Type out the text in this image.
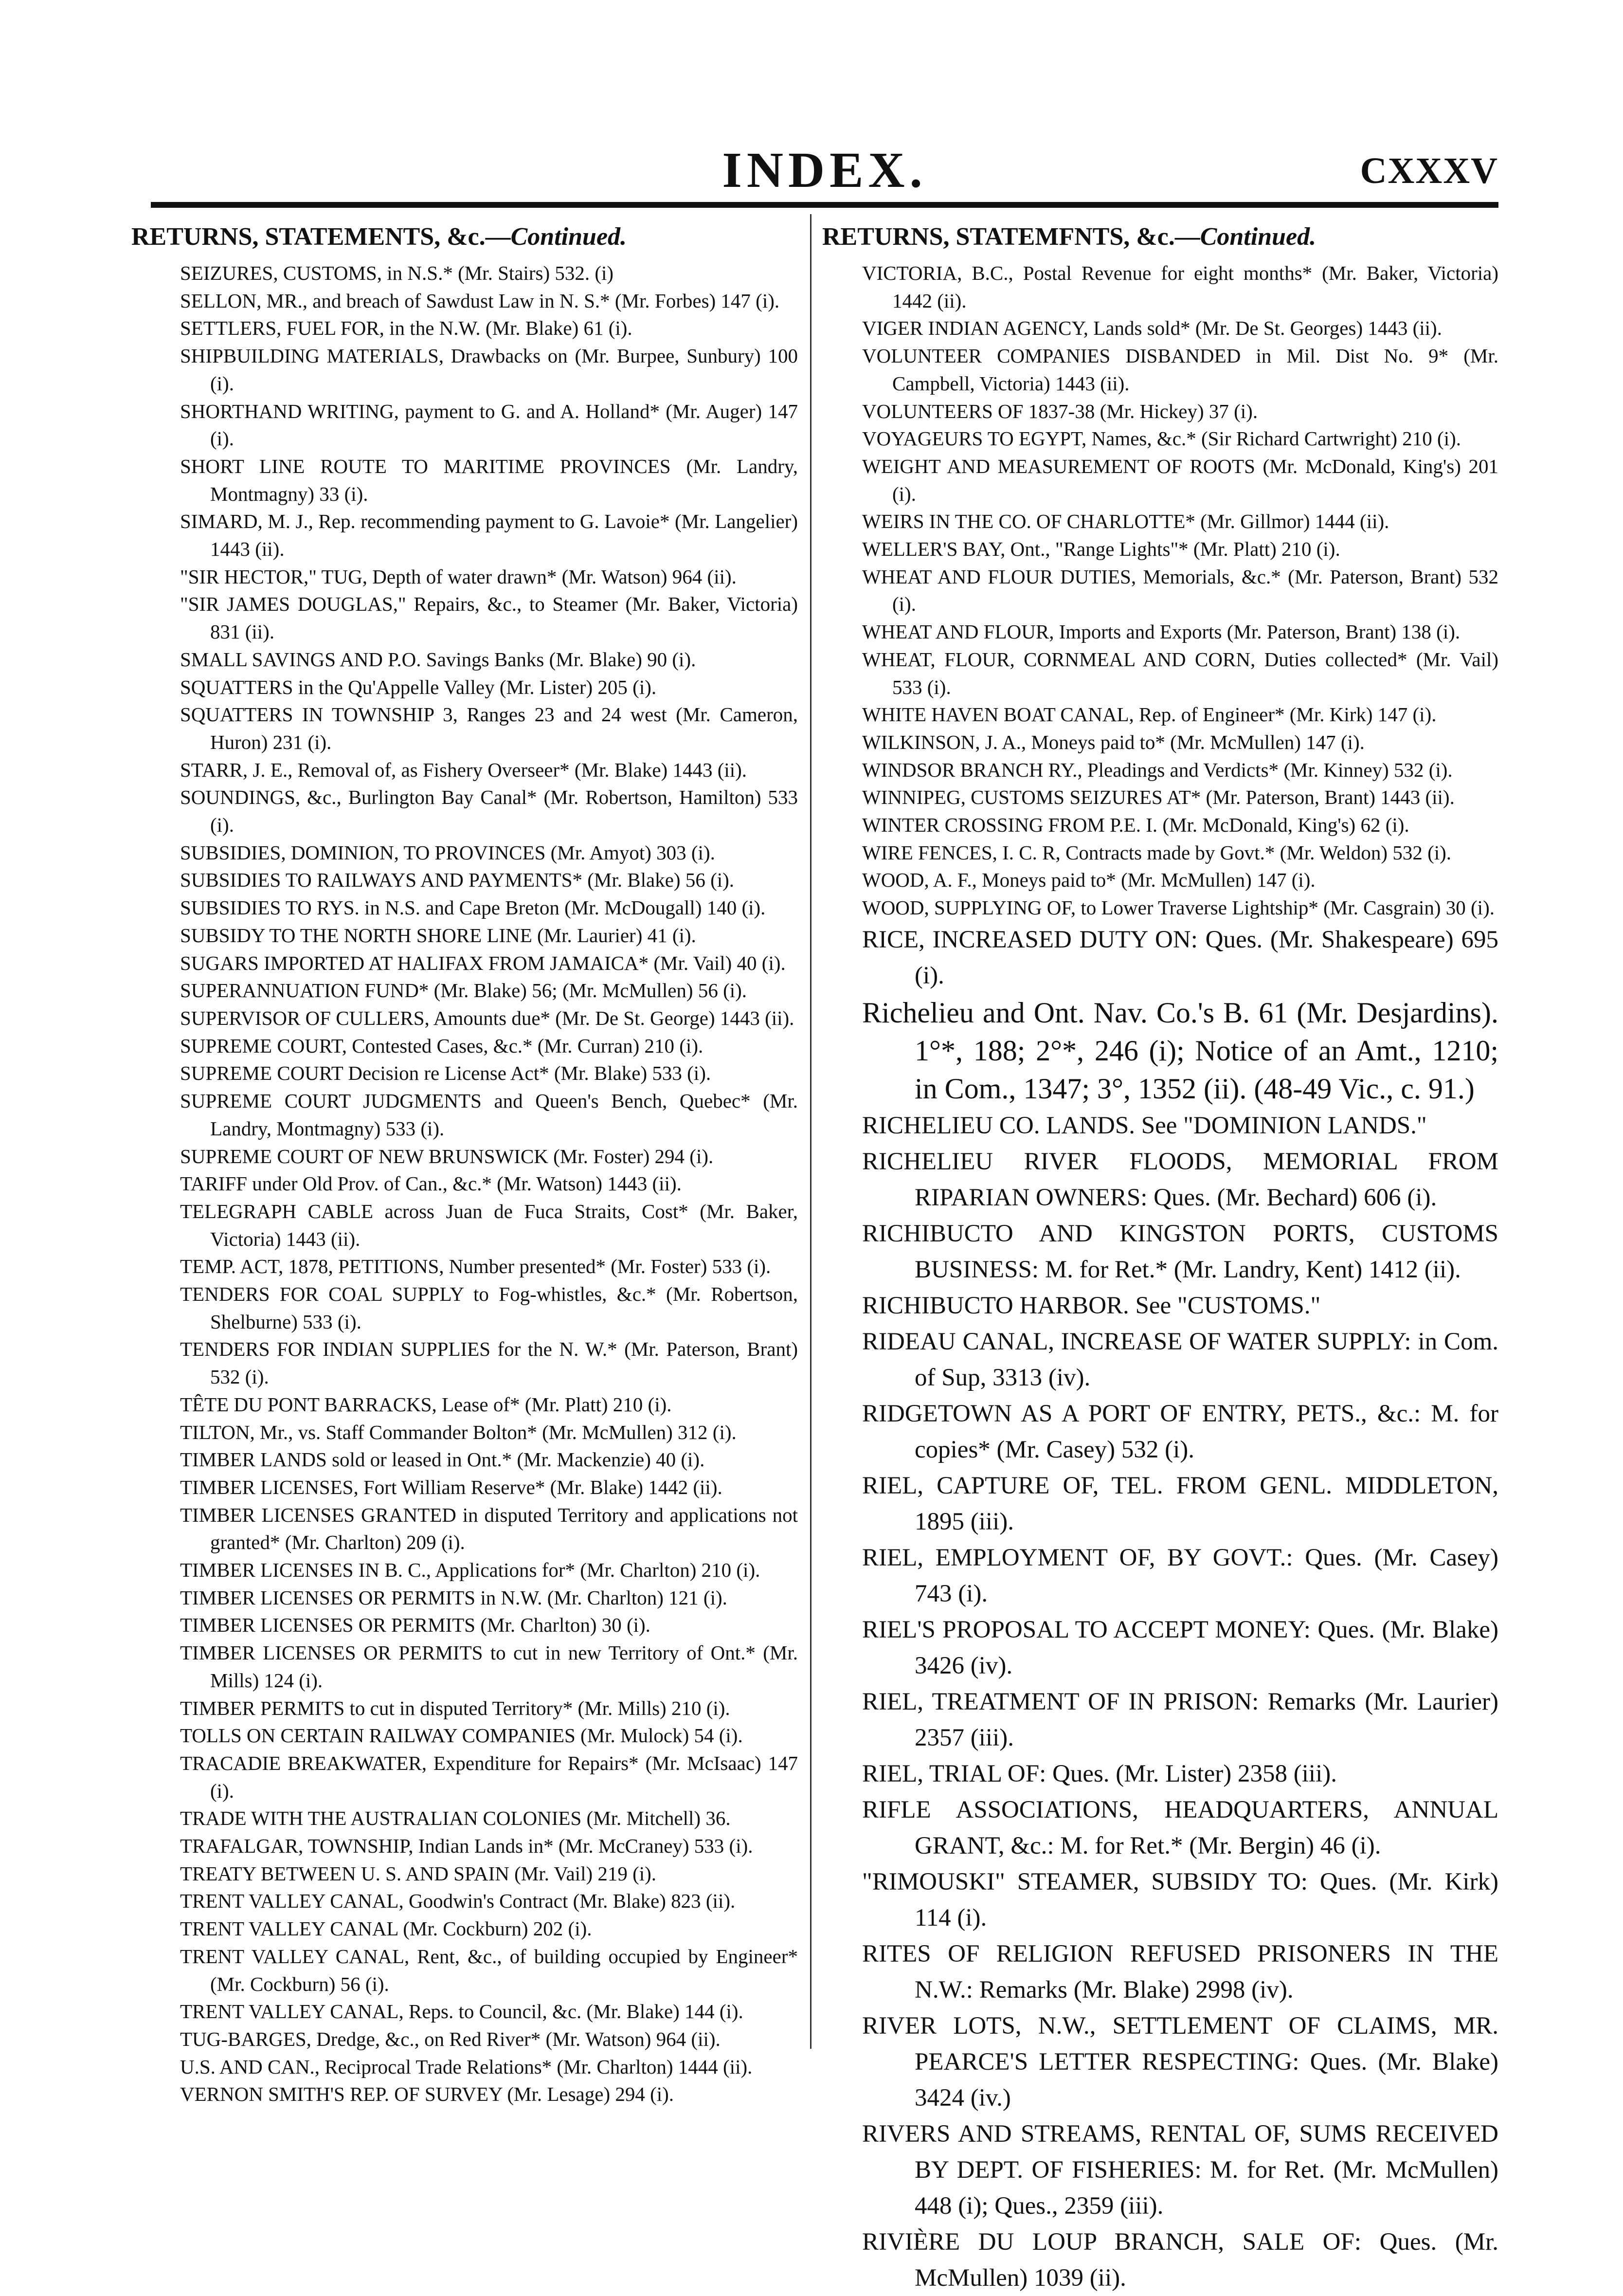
INDEX.	CXXXV
RETURNS, STATEMENTS, &c.—Continued.
SEIZURES, CUSTOMS, in N.S.* (Mr. Stairs) 532. (i)
SELLON, MR., and breach of Sawdust Law in N. S.* (Mr. Forbes) 147 (i).
SETTLERS, FUEL FOR, in the N.W. (Mr. Blake) 61 (i).
SHIPBUILDING MATERIALS, Drawbacks on (Mr. Burpee, Sunbury) 100 (i).
SHORTHAND WRITING, payment to G. and A. Holland* (Mr. Auger) 147 (i).
SHORT LINE ROUTE TO MARITIME PROVINCES (Mr. Landry, Montmagny) 33 (i).
SIMARD, M. J., Rep. recommending payment to G. Lavoie* (Mr. Langelier) 1443 (ii).
"SIR HECTOR," TUG, Depth of water drawn* (Mr. Watson) 964 (ii).
"SIR JAMES DOUGLAS," Repairs, &c., to Steamer (Mr. Baker, Victoria) 831 (ii).
SMALL SAVINGS AND P.O. Savings Banks (Mr. Blake) 90 (i).
SQUATTERS in the Qu'Appelle Valley (Mr. Lister) 205 (i).
SQUATTERS IN TOWNSHIP 3, Ranges 23 and 24 west (Mr. Cameron, Huron) 231 (i).
STARR, J. E., Removal of, as Fishery Overseer* (Mr. Blake) 1443 (ii).
SOUNDINGS, &c., Burlington Bay Canal* (Mr. Robertson, Hamilton) 533 (i).
SUBSIDIES, DOMINION, TO PROVINCES (Mr. Amyot) 303 (i).
SUBSIDIES TO RAILWAYS AND PAYMENTS* (Mr. Blake) 56 (i).
SUBSIDIES TO RYS. in N.S. and Cape Breton (Mr. McDougall) 140 (i).
SUBSIDY TO THE NORTH SHORE LINE (Mr. Laurier) 41 (i).
SUGARS IMPORTED AT HALIFAX FROM JAMAICA* (Mr. Vail) 40 (i).
SUPERANNUATION FUND* (Mr. Blake) 56; (Mr. McMullen) 56 (i).
SUPERVISOR OF CULLERS, Amounts due* (Mr. De St. George) 1443 (ii).
SUPREME COURT, Contested Cases, &c.* (Mr. Curran) 210 (i).
SUPREME COURT Decision re License Act* (Mr. Blake) 533 (i).
SUPREME COURT JUDGMENTS and Queen's Bench, Quebec* (Mr. Landry, Montmagny) 533 (i).
SUPREME COURT OF NEW BRUNSWICK (Mr. Foster) 294 (i).
TARIFF under Old Prov. of Can., &c.* (Mr. Watson) 1443 (ii).
TELEGRAPH CABLE across Juan de Fuca Straits, Cost* (Mr. Baker, Victoria) 1443 (ii).
TEMP. ACT, 1878, PETITIONS, Number presented* (Mr. Foster) 533 (i).
TENDERS FOR COAL SUPPLY to Fog-whistles, &c.* (Mr. Robertson, Shelburne) 533 (i).
TENDERS FOR INDIAN SUPPLIES for the N. W.* (Mr. Paterson, Brant) 532 (i).
TÊTE DU PONT BARRACKS, Lease of* (Mr. Platt) 210 (i).
TILTON, Mr., vs. Staff Commander Bolton* (Mr. McMullen) 312 (i).
TIMBER LANDS sold or leased in Ont.* (Mr. Mackenzie) 40 (i).
TIMBER LICENSES, Fort William Reserve* (Mr. Blake) 1442 (ii).
TIMBER LICENSES GRANTED in disputed Territory and applications not granted* (Mr. Charlton) 209 (i).
TIMBER LICENSES IN B. C., Applications for* (Mr. Charlton) 210 (i).
TIMBER LICENSES OR PERMITS in N.W. (Mr. Charlton) 121 (i).
TIMBER LICENSES OR PERMITS (Mr. Charlton) 30 (i).
TIMBER LICENSES OR PERMITS to cut in new Territory of Ont.* (Mr. Mills) 124 (i).
TIMBER PERMITS to cut in disputed Territory* (Mr. Mills) 210 (i).
TOLLS ON CERTAIN RAILWAY COMPANIES (Mr. Mulock) 54 (i).
TRACADIE BREAKWATER, Expenditure for Repairs* (Mr. McIsaac) 147 (i).
TRADE WITH THE AUSTRALIAN COLONIES (Mr. Mitchell) 36.
TRAFALGAR, TOWNSHIP, Indian Lands in* (Mr. McCraney) 533 (i).
TREATY BETWEEN U. S. AND SPAIN (Mr. Vail) 219 (i).
TRENT VALLEY CANAL, Goodwin's Contract (Mr. Blake) 823 (ii).
TRENT VALLEY CANAL (Mr. Cockburn) 202 (i).
TRENT VALLEY CANAL, Rent, &c., of building occupied by Engineer* (Mr. Cockburn) 56 (i).
TRENT VALLEY CANAL, Reps. to Council, &c. (Mr. Blake) 144 (i).
TUG-BARGES, Dredge, &c., on Red River* (Mr. Watson) 964 (ii).
U.S. AND CAN., Reciprocal Trade Relations* (Mr. Charlton) 1444 (ii).
VERNON SMITH'S REP. OF SURVEY (Mr. Lesage) 294 (i).
RETURNS, STATEMFNTS, &c.—Continued.
VICTORIA, B.C., Postal Revenue for eight months* (Mr. Baker, Victoria) 1442 (ii).
VIGER INDIAN AGENCY, Lands sold* (Mr. De St. Georges) 1443 (ii).
VOLUNTEER COMPANIES DISBANDED in Mil. Dist No. 9* (Mr. Campbell, Victoria) 1443 (ii).
VOLUNTEERS OF 1837-38 (Mr. Hickey) 37 (i).
VOYAGEURS TO EGYPT, Names, &c.* (Sir Richard Cartwright) 210 (i).
WEIGHT AND MEASUREMENT OF ROOTS (Mr. McDonald, King's) 201 (i).
WEIRS IN THE CO. OF CHARLOTTE* (Mr. Gillmor) 1444 (ii).
WELLER'S BAY, Ont., "Range Lights"* (Mr. Platt) 210 (i).
WHEAT AND FLOUR DUTIES, Memorials, &c.* (Mr. Paterson, Brant) 532 (i).
WHEAT AND FLOUR, Imports and Exports (Mr. Paterson, Brant) 138 (i).
WHEAT, FLOUR, CORNMEAL AND CORN, Duties collected* (Mr. Vail) 533 (i).
WHITE HAVEN BOAT CANAL, Rep. of Engineer* (Mr. Kirk) 147 (i).
WILKINSON, J. A., Moneys paid to* (Mr. McMullen) 147 (i).
WINDSOR BRANCH RY., Pleadings and Verdicts* (Mr. Kinney) 532 (i).
WINNIPEG, CUSTOMS SEIZURES AT* (Mr. Paterson, Brant) 1443 (ii).
WINTER CROSSING FROM P.E. I. (Mr. McDonald, King's) 62 (i).
WIRE FENCES, I. C. R, Contracts made by Govt.* (Mr. Weldon) 532 (i).
WOOD, A. F., Moneys paid to* (Mr. McMullen) 147 (i).
WOOD, SUPPLYING OF, to Lower Traverse Lightship* (Mr. Casgrain) 30 (i).
RICE, INCREASED DUTY ON: Ques. (Mr. Shakespeare) 695 (i).
Richelieu and Ont. Nav. Co.'s B. 61 (Mr. Desjardins). 1°*, 188; 2°*, 246 (i); Notice of an Amt., 1210; in Com., 1347; 3°, 1352 (ii). (48-49 Vic., c. 91.)
RICHELIEU CO. LANDS. See "DOMINION LANDS."
RICHELIEU RIVER FLOODS, MEMORIAL FROM RIPARIAN OWNERS: Ques. (Mr. Bechard) 606 (i).
RICHIBUCTO AND KINGSTON PORTS, CUSTOMS BUSINESS: M. for Ret.* (Mr. Landry, Kent) 1412 (ii).
RICHIBUCTO HARBOR. See "CUSTOMS."
RIDEAU CANAL, INCREASE OF WATER SUPPLY: in Com. of Sup, 3313 (iv).
RIDGETOWN AS A PORT OF ENTRY, PETS., &c.: M. for copies* (Mr. Casey) 532 (i).
RIEL, CAPTURE OF, TEL. FROM GENL. MIDDLETON, 1895 (iii).
RIEL, EMPLOYMENT OF, BY GOVT.: Ques. (Mr. Casey) 743 (i).
RIEL'S PROPOSAL TO ACCEPT MONEY: Ques. (Mr. Blake) 3426 (iv).
RIEL, TREATMENT OF IN PRISON: Remarks (Mr. Laurier) 2357 (iii).
RIEL, TRIAL OF: Ques. (Mr. Lister) 2358 (iii).
RIFLE ASSOCIATIONS, HEADQUARTERS, ANNUAL GRANT, &c.: M. for Ret.* (Mr. Bergin) 46 (i).
"RIMOUSKI" STEAMER, SUBSIDY TO: Ques. (Mr. Kirk) 114 (i).
RITES OF RELIGION REFUSED PRISONERS IN THE N.W.: Remarks (Mr. Blake) 2998 (iv).
RIVER LOTS, N.W., SETTLEMENT OF CLAIMS, MR. PEARCE'S LETTER RESPECTING: Ques. (Mr. Blake) 3424 (iv.)
RIVERS AND STREAMS, RENTAL OF, SUMS RECEIVED BY DEPT. OF FISHERIES: M. for Ret. (Mr. McMullen) 448 (i); Ques., 2359 (iii).
RIVIÈRE DU LOUP BRANCH, SALE OF: Ques. (Mr. McMullen) 1039 (ii).
